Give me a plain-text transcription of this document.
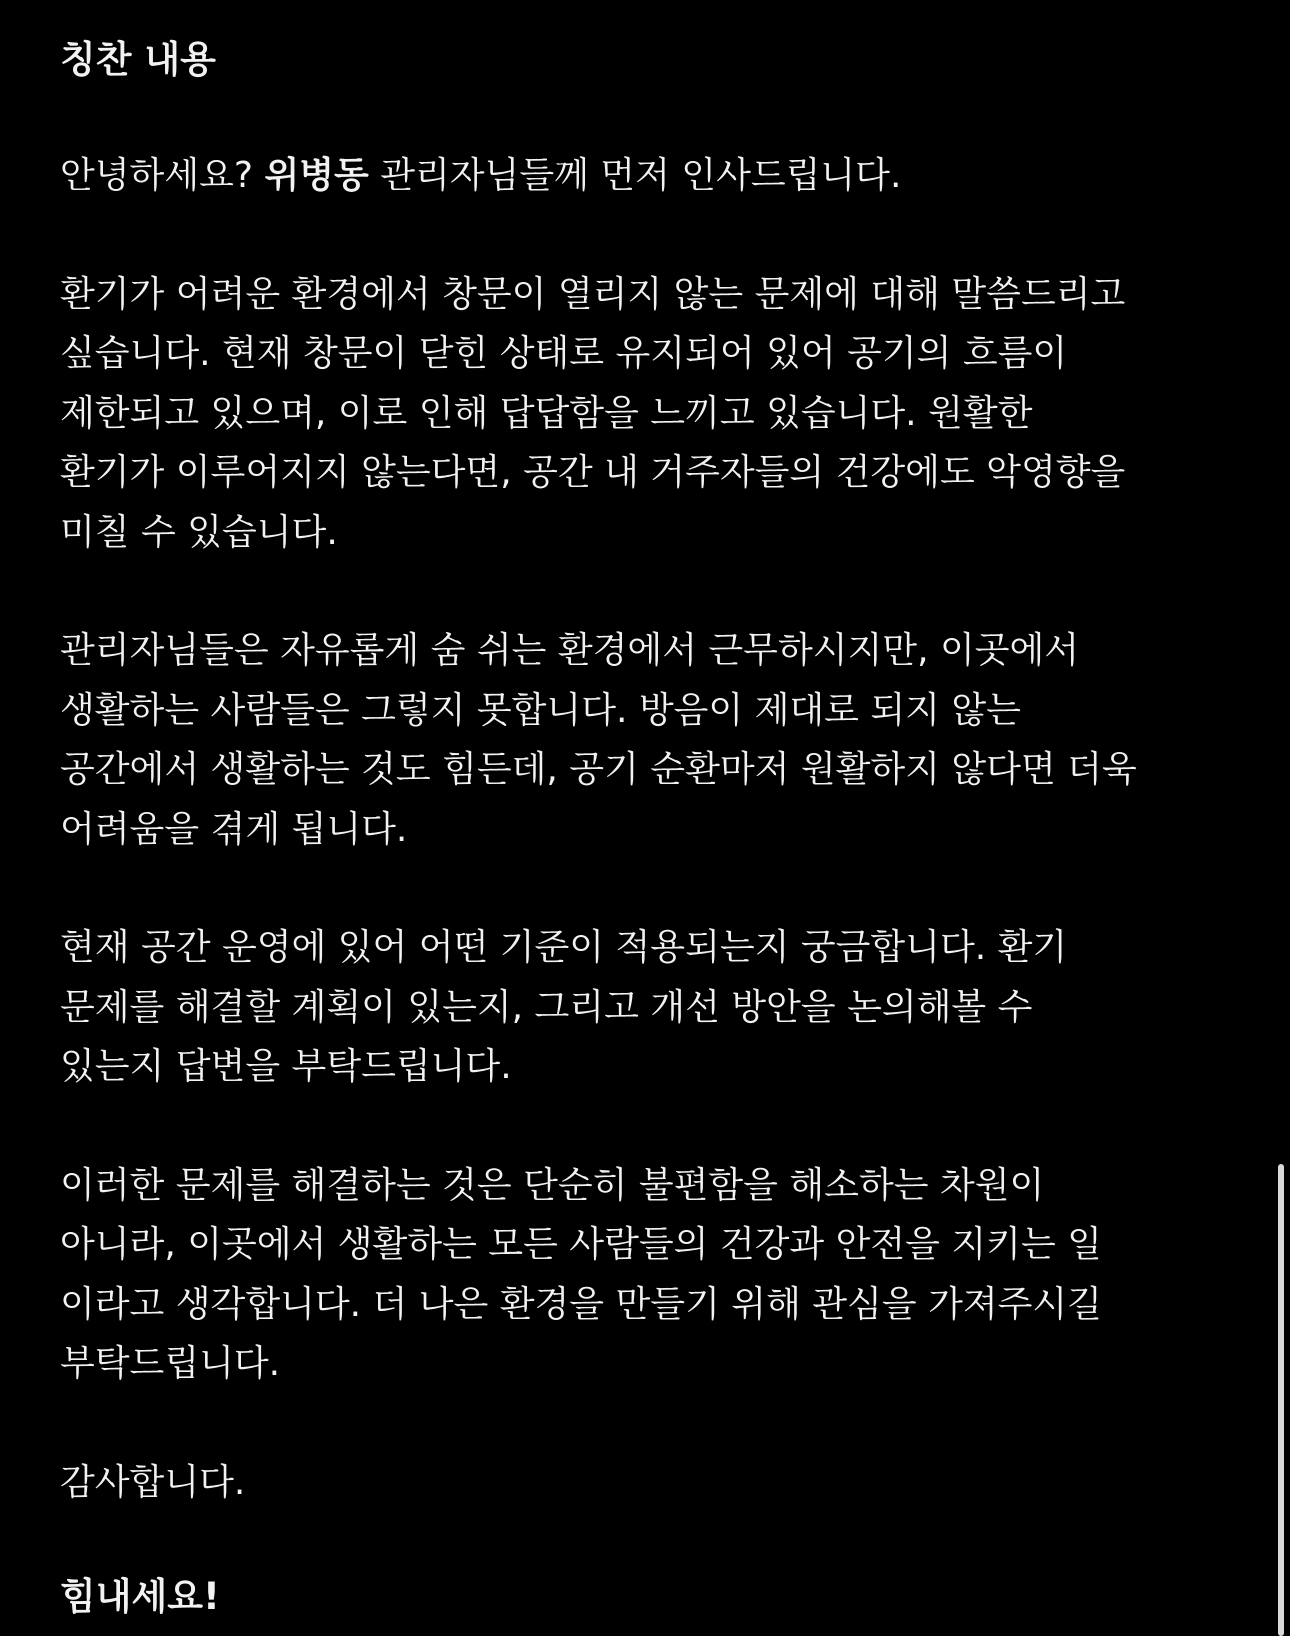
칭찬 내용
안녕하세요? 위병동 관리자님들께 먼저 인사드립니다.
환기가 어려운 환경에서 창문이 열리지 않는 문제에 대해 말씀드리고
싶습니다. 현재 창문이 닫힌 상태로 유지되어 있어 공기의 흐름이
제한되고 있으며, 이로 인해 답답함을 느끼고 있습니다. 원활한
환기가 이루어지지 않는다면, 공간 내 거주자들의 건강에도 악영향을
미칠 수 있습니다.
관리자님들은 자유롭게 숨 쉬는 환경에서 근무하시지만, 이곳에서
생활하는 사람들은 그렇지 못합니다. 방음이 제대로 되지 않는
공간에서 생활하는 것도 힘든데, 공기 순환마저 원활하지 않다면 더욱
어려움을 겪게 됩니다.
현재 공간 운영에 있어 어떤 기준이 적용되는지 궁금합니다. 환기
문제를 해결할 계획이 있는지, 그리고 개선 방안을 논의해볼 수
있는지 답변을 부탁드립니다.
이러한 문제를 해결하는 것은 단순히 불편함을 해소하는 차원이
아니라, 이곳에서 생활하는 모든 사람들의 건강과 안전을 지키는 일
이라고 생각합니다. 더 나은 환경을 만들기 위해 관심을 가져주시길
부탁드립니다.
감사합니다.
힘내세요!
